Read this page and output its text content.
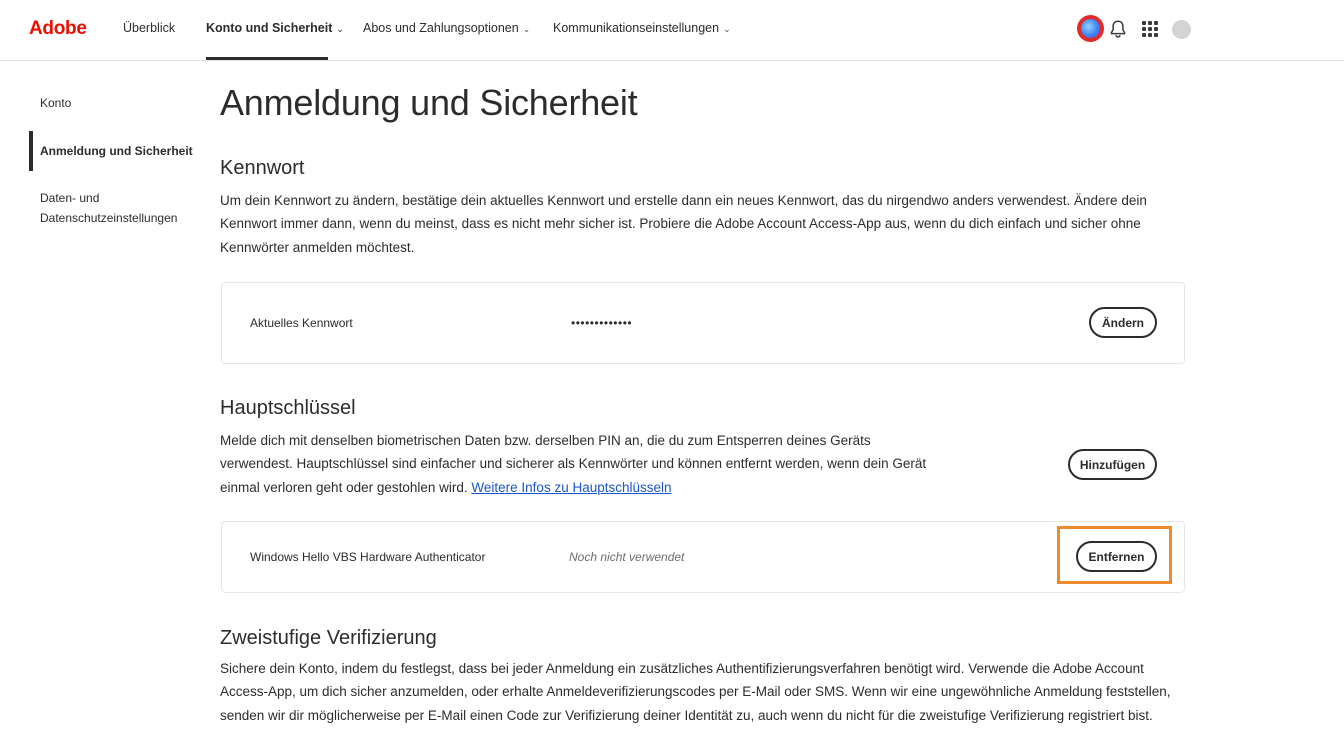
Adobe	Überblick Konto und Sicherheit ⌄ Abos und Zahlungsoptionen ⌄ Kommunikationseinstellungen ⌄
Konto
Anmeldung und Sicherheit
Daten- und
Datenschutzeinstellungen
Anmeldung und Sicherheit
Kennwort
Um dein Kennwort zu ändern, bestätige dein aktuelles Kennwort und erstelle dann ein neues Kennwort, das du nirgendwo anders verwendest. Ändere dein Kennwort immer dann, wenn du meinst, dass es nicht mehr sicher ist. Probiere die Adobe Account Access-App aus, wenn du dich einfach und sicher ohne Kennwörter anmelden möchtest.
Aktuelles Kennwort	•••••••••••••	Ändern
Hauptschlüssel
Melde dich mit denselben biometrischen Daten bzw. derselben PIN an, die du zum Entsperren deines Geräts verwendest. Hauptschlüssel sind einfacher und sicherer als Kennwörter und können entfernt werden, wenn dein Gerät einmal verloren geht oder gestohlen wird. Weitere Infos zu Hauptschlüsseln
Hinzufügen
Windows Hello VBS Hardware Authenticator	Noch nicht verwendet	Entfernen
Zweistufige Verifizierung
Sichere dein Konto, indem du festlegst, dass bei jeder Anmeldung ein zusätzliches Authentifizierungsverfahren benötigt wird. Verwende die Adobe Account Access-App, um dich sicher anzumelden, oder erhalte Anmeldeverifizierungscodes per E-Mail oder SMS. Wenn wir eine ungewöhnliche Anmeldung feststellen, senden wir dir möglicherweise per E-Mail einen Code zur Verifizierung deiner Identität zu, auch wenn du nicht für die zweistufige Verifizierung registriert bist.
